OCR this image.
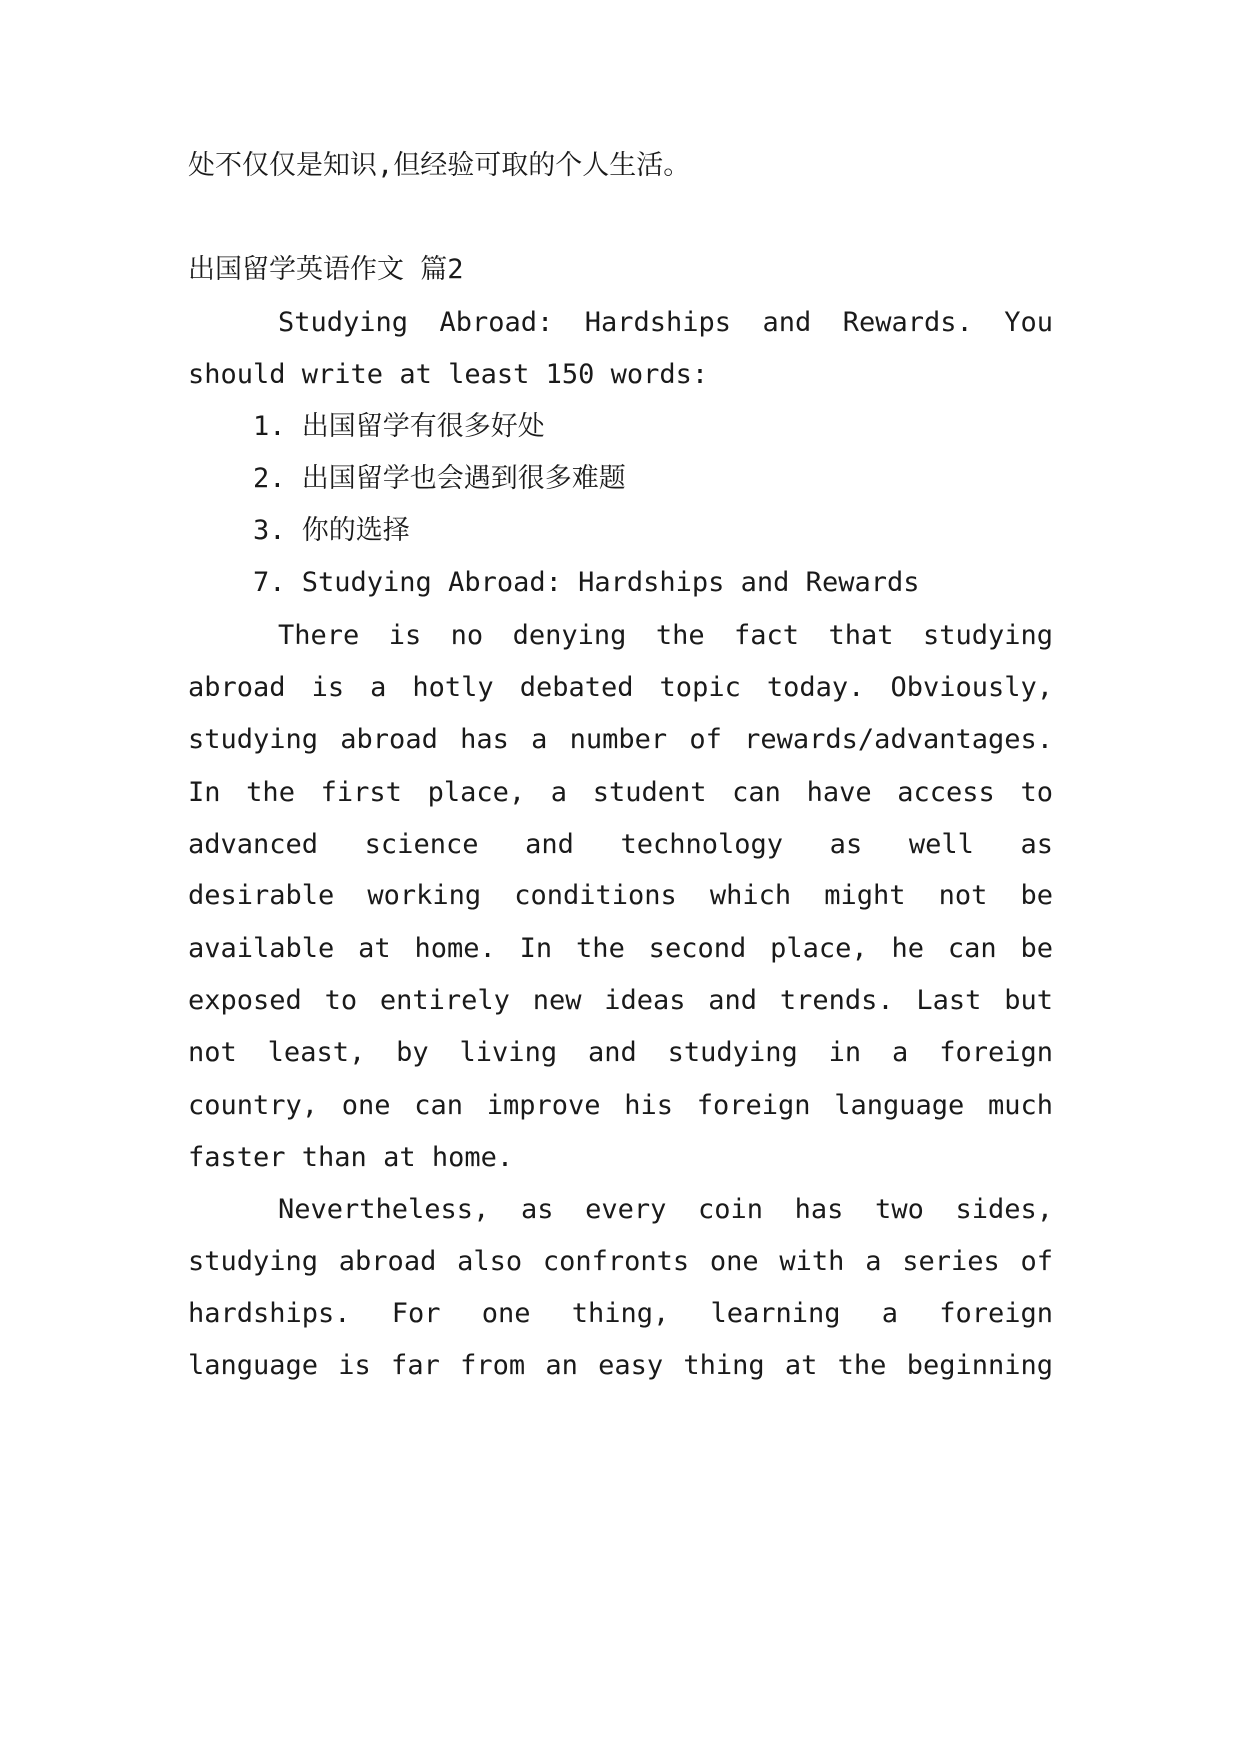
处不仅仅是知识,但经验可取的个人生活。
出国留学英语作文 篇2
Studying Abroad: Hardships and Rewards. You
should write at least 150 words:
1. 出国留学有很多好处
2. 出国留学也会遇到很多难题
3. 你的选择
7. Studying Abroad: Hardships and Rewards
There is no denying the fact that studying
abroad is a hotly debated topic today. Obviously,
studying abroad has a number of rewards/advantages.
In the first place, a student can have access to
advanced science and technology as well as
desirable working conditions which might not be
available at home. In the second place, he can be
exposed to entirely new ideas and trends. Last but
not least, by living and studying in a foreign
country, one can improve his foreign language much
faster than at home.
Nevertheless, as every coin has two sides,
studying abroad also confronts one with a series of
hardships. For one thing, learning a foreign
language is far from an easy thing at the beginning
